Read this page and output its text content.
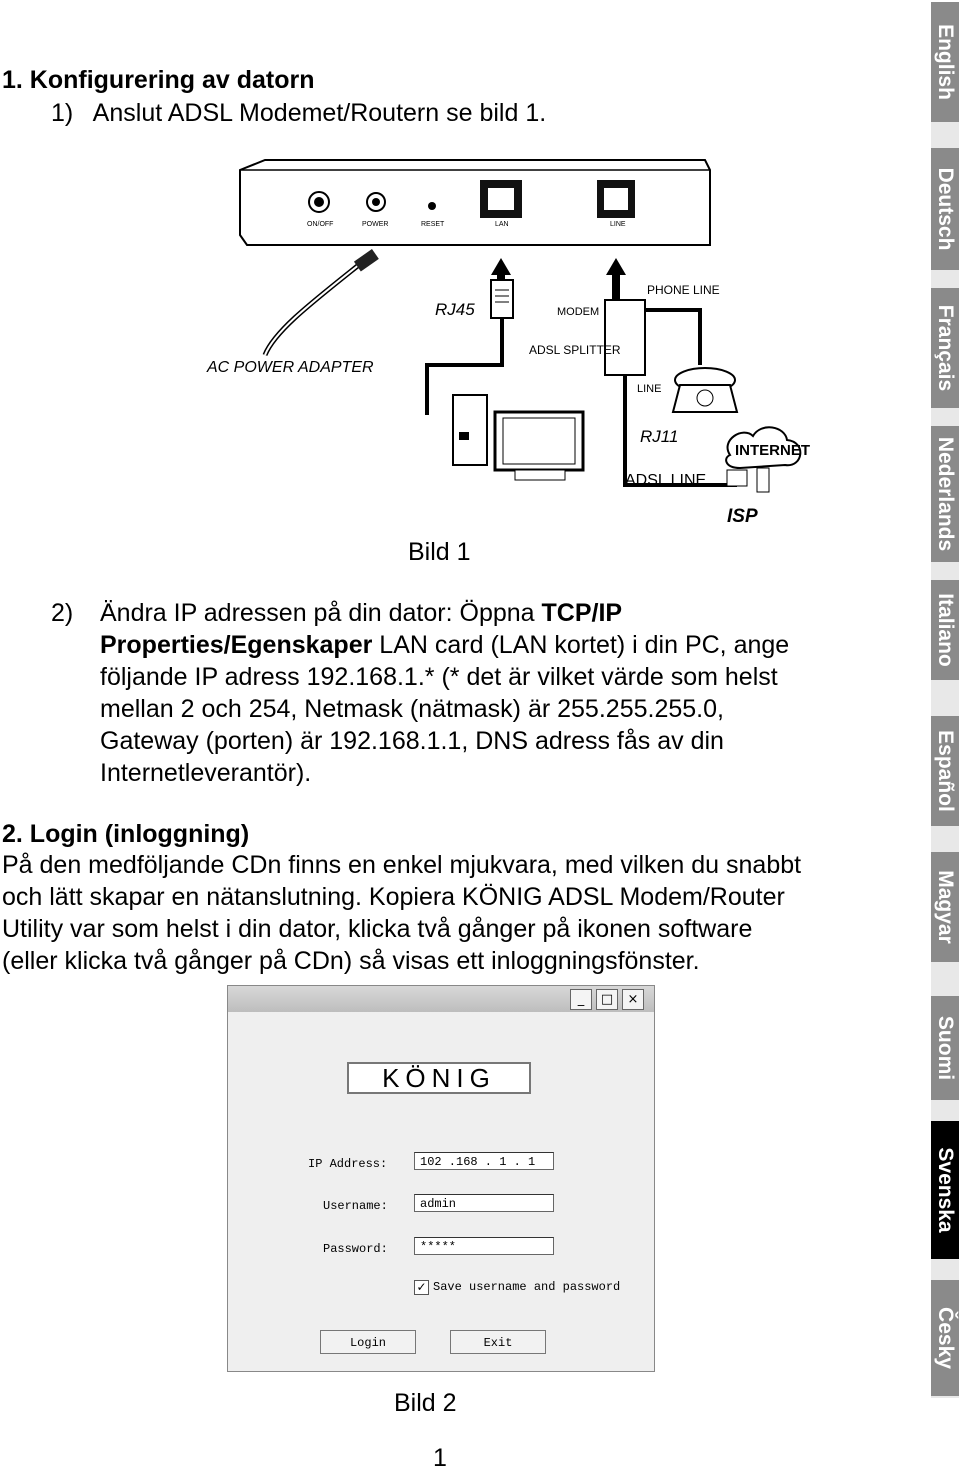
1. Konfigurering av datorn
1)   Anslut ADSL Modemet/Routern se bild 1.
ON/OFF	POWER	RESET	LAN	LINE
AC POWER ADAPTER
RJ45	MODEM
ADSL SPLITTER
PHONE LINE
LINE
RJ11
ADSL LINE
INTERNET
ISP
Bild 1
2) Ändra IP adressen på din dator: Öppna TCP/IP
Properties/Egenskaper LAN card (LAN kortet) i din PC, ange
följande IP adress 192.168.1.* (* det är vilket värde som helst
mellan 2 och 254, Netmask (nätmask) är 255.255.255.0,
Gateway (porten) är 192.168.1.1, DNS adress fås av din
Internetleverantör).
2. Login (inloggning)
På den medföljande CDn finns en enkel mjukvara, med vilken du snabbt
och lätt skapar en nätanslutning. Kopiera KÖNIG ADSL Modem/Router
Utility var som helst i din dator, klicka två gånger på ikonen software
(eller klicka två gånger på CDn) så visas ett inloggningsfönster.
_	□	×
KÖNIG
IP Address:	102 .168 . 1 . 1
Username:	admin
Password:	*****
✓ Save username and password
Login	Exit
Bild 2
1
English
Deutsch
Français
Nederlands
Italiano
Español
Magyar
Suomi
Svenska
Česky
